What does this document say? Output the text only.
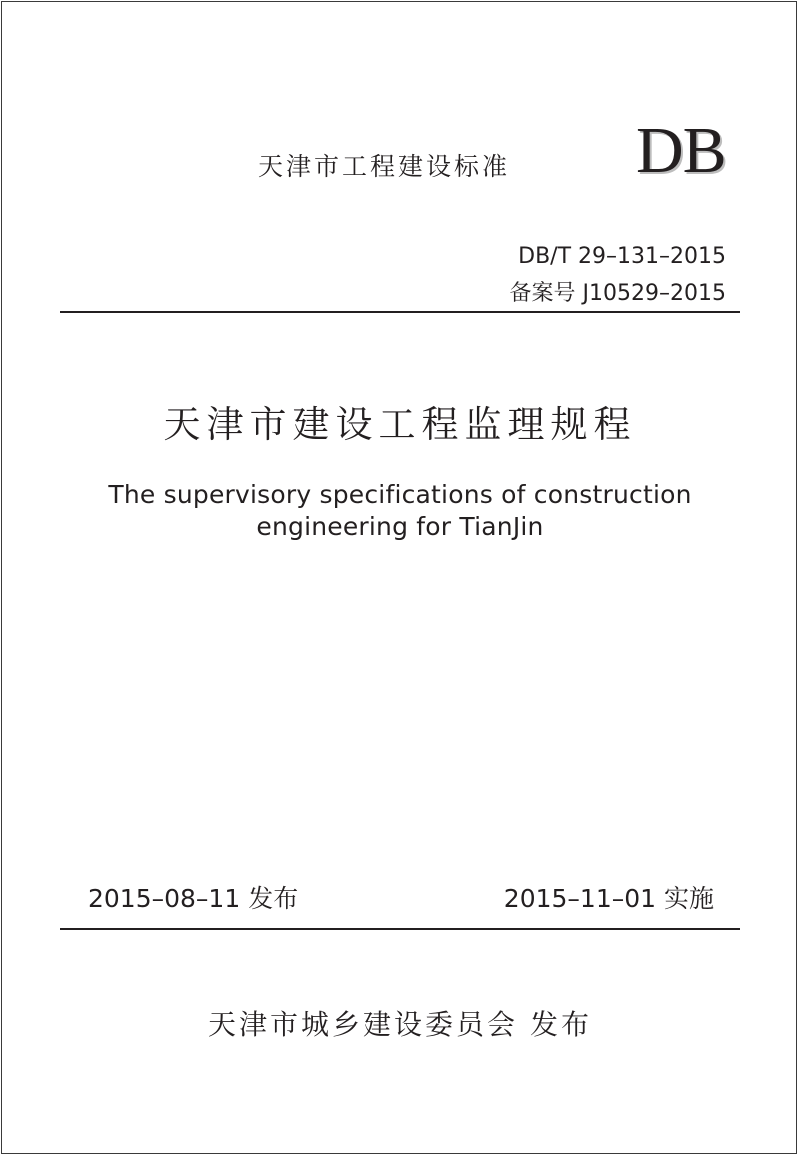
天津市工程建设标准 DB
DB/T 29–131–2015
备案号 J10529–2015
天津市建设工程监理规程
The supervisory specifications of construction
engineering for TianJin
2015–08–11 发布	2015–11–01 实施
天津市城乡建设委员会 发布
